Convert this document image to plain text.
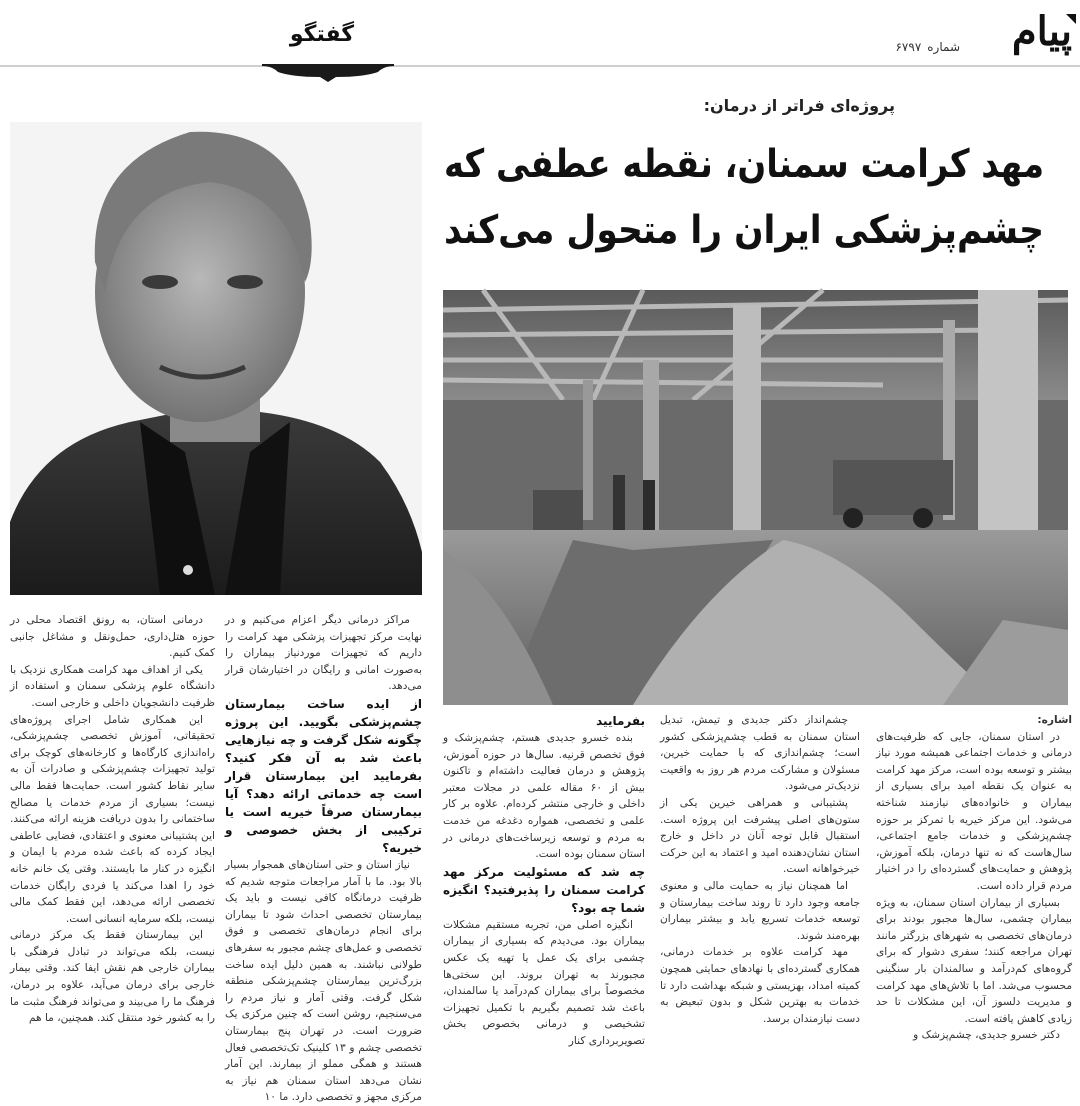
پیام
شماره۶۷۹۷
گفتگو
پروژه‌ای فراتر از درمان:
مهد کرامت سمنان، نقطه عطفی که
چشم‌پزشکی ایران را متحول می‌کند

اشاره:

در استان سمنان، جایی که ظرفیت‌های درمانی و خدمات اجتماعی همیشه مورد نیاز بیشتر و توسعه بوده است، مرکز مهد کرامت به عنوان یک نقطه امید برای بسیاری از بیماران و خانواده‌های نیازمند شناخته می‌شود. این مرکز خیریه با تمرکز بر حوزه چشم‌پزشکی و خدمات جامع اجتماعی، سال‌هاست که نه تنها درمان، بلکه آموزش، پژوهش و حمایت‌های گسترده‌ای را در اختیار مردم قرار داده است.

بسیاری از بیماران استان سمنان، به ویژه بیماران چشمی، سال‌ها مجبور بودند برای درمان‌های تخصصی به شهرهای بزرگتر مانند تهران مراجعه کنند؛ سفری دشوار که برای گروه‌های کم‌درآمد و سالمندان بار سنگینی محسوب می‌شد. اما با تلاش‌های مهد کرامت و مدیریت دلسوز آن، این مشکلات تا حد زیادی کاهش یافته است.

دکتر خسرو جدیدی، چشم‌پزشک و

چشم‌انداز دکتر جدیدی و تیمش، تبدیل استان سمنان به قطب چشم‌پزشکی کشور است؛ چشم‌اندازی که با حمایت خیرین، مسئولان و مشارکت مردم هر روز به واقعیت نزدیک‌تر می‌شود.

پشتیبانی و همراهی خیرین یکی از ستون‌های اصلی پیشرفت این پروژه است. استقبال قابل توجه آنان در داخل و خارج استان نشان‌دهنده امید و اعتماد به این حرکت خیرخواهانه است.

اما همچنان نیاز به حمایت مالی و معنوی جامعه وجود دارد تا روند ساخت بیمارستان و توسعه خدمات تسریع یابد و بیشتر بیماران بهره‌مند شوند.

مهد کرامت علاوه بر خدمات درمانی، همکاری گسترده‌ای با نهادهای حمایتی همچون کمیته امداد، بهزیستی و شبکه بهداشت دارد تا خدمات به بهترین شکل و بدون تبعیض به دست نیازمندان برسد.

بفرمایید

بنده خسرو جدیدی هستم، چشم‌پزشک و فوق تخصص قرنیه. سال‌ها در حوزه آموزش، پژوهش و درمان فعالیت داشته‌ام و تاکنون بیش از ۶۰ مقاله علمی در مجلات معتبر داخلی و خارجی منتشر کرده‌ام. علاوه بر کار علمی و تخصصی، همواره دغدغه من خدمت به مردم و توسعه زیرساخت‌های درمانی در استان سمنان بوده است.

چه شد که مسئولیت مرکز مهد کرامت سمنان را پذیرفتید؟ انگیزه شما چه بود؟

انگیزه اصلی من، تجربه مستقیم مشکلات بیماران بود. می‌دیدم که بسیاری از بیماران چشمی برای یک عمل یا تهیه یک عکس مجبورند به تهران بروند. این سختی‌ها مخصوصاً برای بیماران کم‌درآمد یا سالمندان، باعث شد تصمیم بگیریم با تکمیل تجهیزات تشخیصی و درمانی بخصوص بخش تصویربرداری کنار

مراکز درمانی دیگر اعزام می‌کنیم و در نهایت مرکز تجهیزات پزشکی مهد کرامت را داریم که تجهیزات موردنیاز بیماران را به‌صورت امانی و رایگان در اختیارشان قرار می‌دهد.

از ایده ساخت بیمارستان چشم‌پزشکی بگویید. این پروژه چگونه شکل گرفت و چه نیازهایی باعث شد به آن فکر کنید؟ بفرمایید این بیمارستان قرار است چه خدماتی ارائه دهد؟ آیا بیمارستان صرفاً خیریه است یا ترکیبی از بخش خصوصی و خیریه؟

نیاز استان و حتی استان‌های همجوار بسیار بالا بود. ما با آمار مراجعات متوجه شدیم که ظرفیت درمانگاه کافی نیست و باید یک بیمارستان تخصصی احداث شود تا بیماران برای انجام درمان‌های تخصصی و فوق تخصصی و عمل‌های چشم مجبور به سفرهای طولانی نباشند. به همین دلیل ایده ساخت بزرگ‌ترین بیمارستان چشم‌پزشکی منطقه شکل گرفت. وقتی آمار و نیاز مردم را می‌سنجیم، روشن است که چنین مرکزی یک ضرورت است. در تهران پنج بیمارستان تخصصی چشم و ۱۳ کلینیک تک‌تخصصی فعال هستند و همگی مملو از بیمارند. این آمار نشان می‌دهد استان سمنان هم نیاز به مرکزی مجهز و تخصصی دارد. ما ۱۰

درمانی استان، به رونق اقتصاد محلی در حوزه هتل‌داری، حمل‌ونقل و مشاغل جانبی کمک کنیم.

یکی از اهداف مهد کرامت همکاری نزدیک با دانشگاه علوم پزشکی سمنان و استفاده از ظرفیت دانشجویان داخلی و خارجی است.

این همکاری شامل اجرای پروژه‌های تحقیقاتی، آموزش تخصصی چشم‌پزشکی، راه‌اندازی کارگاه‌ها و کارخانه‌های کوچک برای تولید تجهیزات چشم‌پزشکی و صادرات آن به سایر نقاط کشور است. حمایت‌ها فقط مالی نیست؛ بسیاری از مردم خدمات یا مصالح ساختمانی را بدون دریافت هزینه ارائه می‌کنند. این پشتیبانی معنوی و اعتقادی، فضایی عاطفی ایجاد کرده که باعث شده مردم با ایمان و انگیزه در کنار ما بایستند. وقتی یک خانم خانه خود را اهدا می‌کند یا فردی رایگان خدمات تخصصی ارائه می‌دهد، این فقط کمک مالی نیست، بلکه سرمایه انسانی است.

این بیمارستان فقط یک مرکز درمانی نیست، بلکه می‌تواند در تبادل فرهنگی با بیماران خارجی هم نقش ایفا کند. وقتی بیمار خارجی برای درمان می‌آید، علاوه بر درمان، فرهنگ ما را می‌بیند و می‌تواند فرهنگ مثبت ما را به کشور خود منتقل کند. همچنین، ما هم
